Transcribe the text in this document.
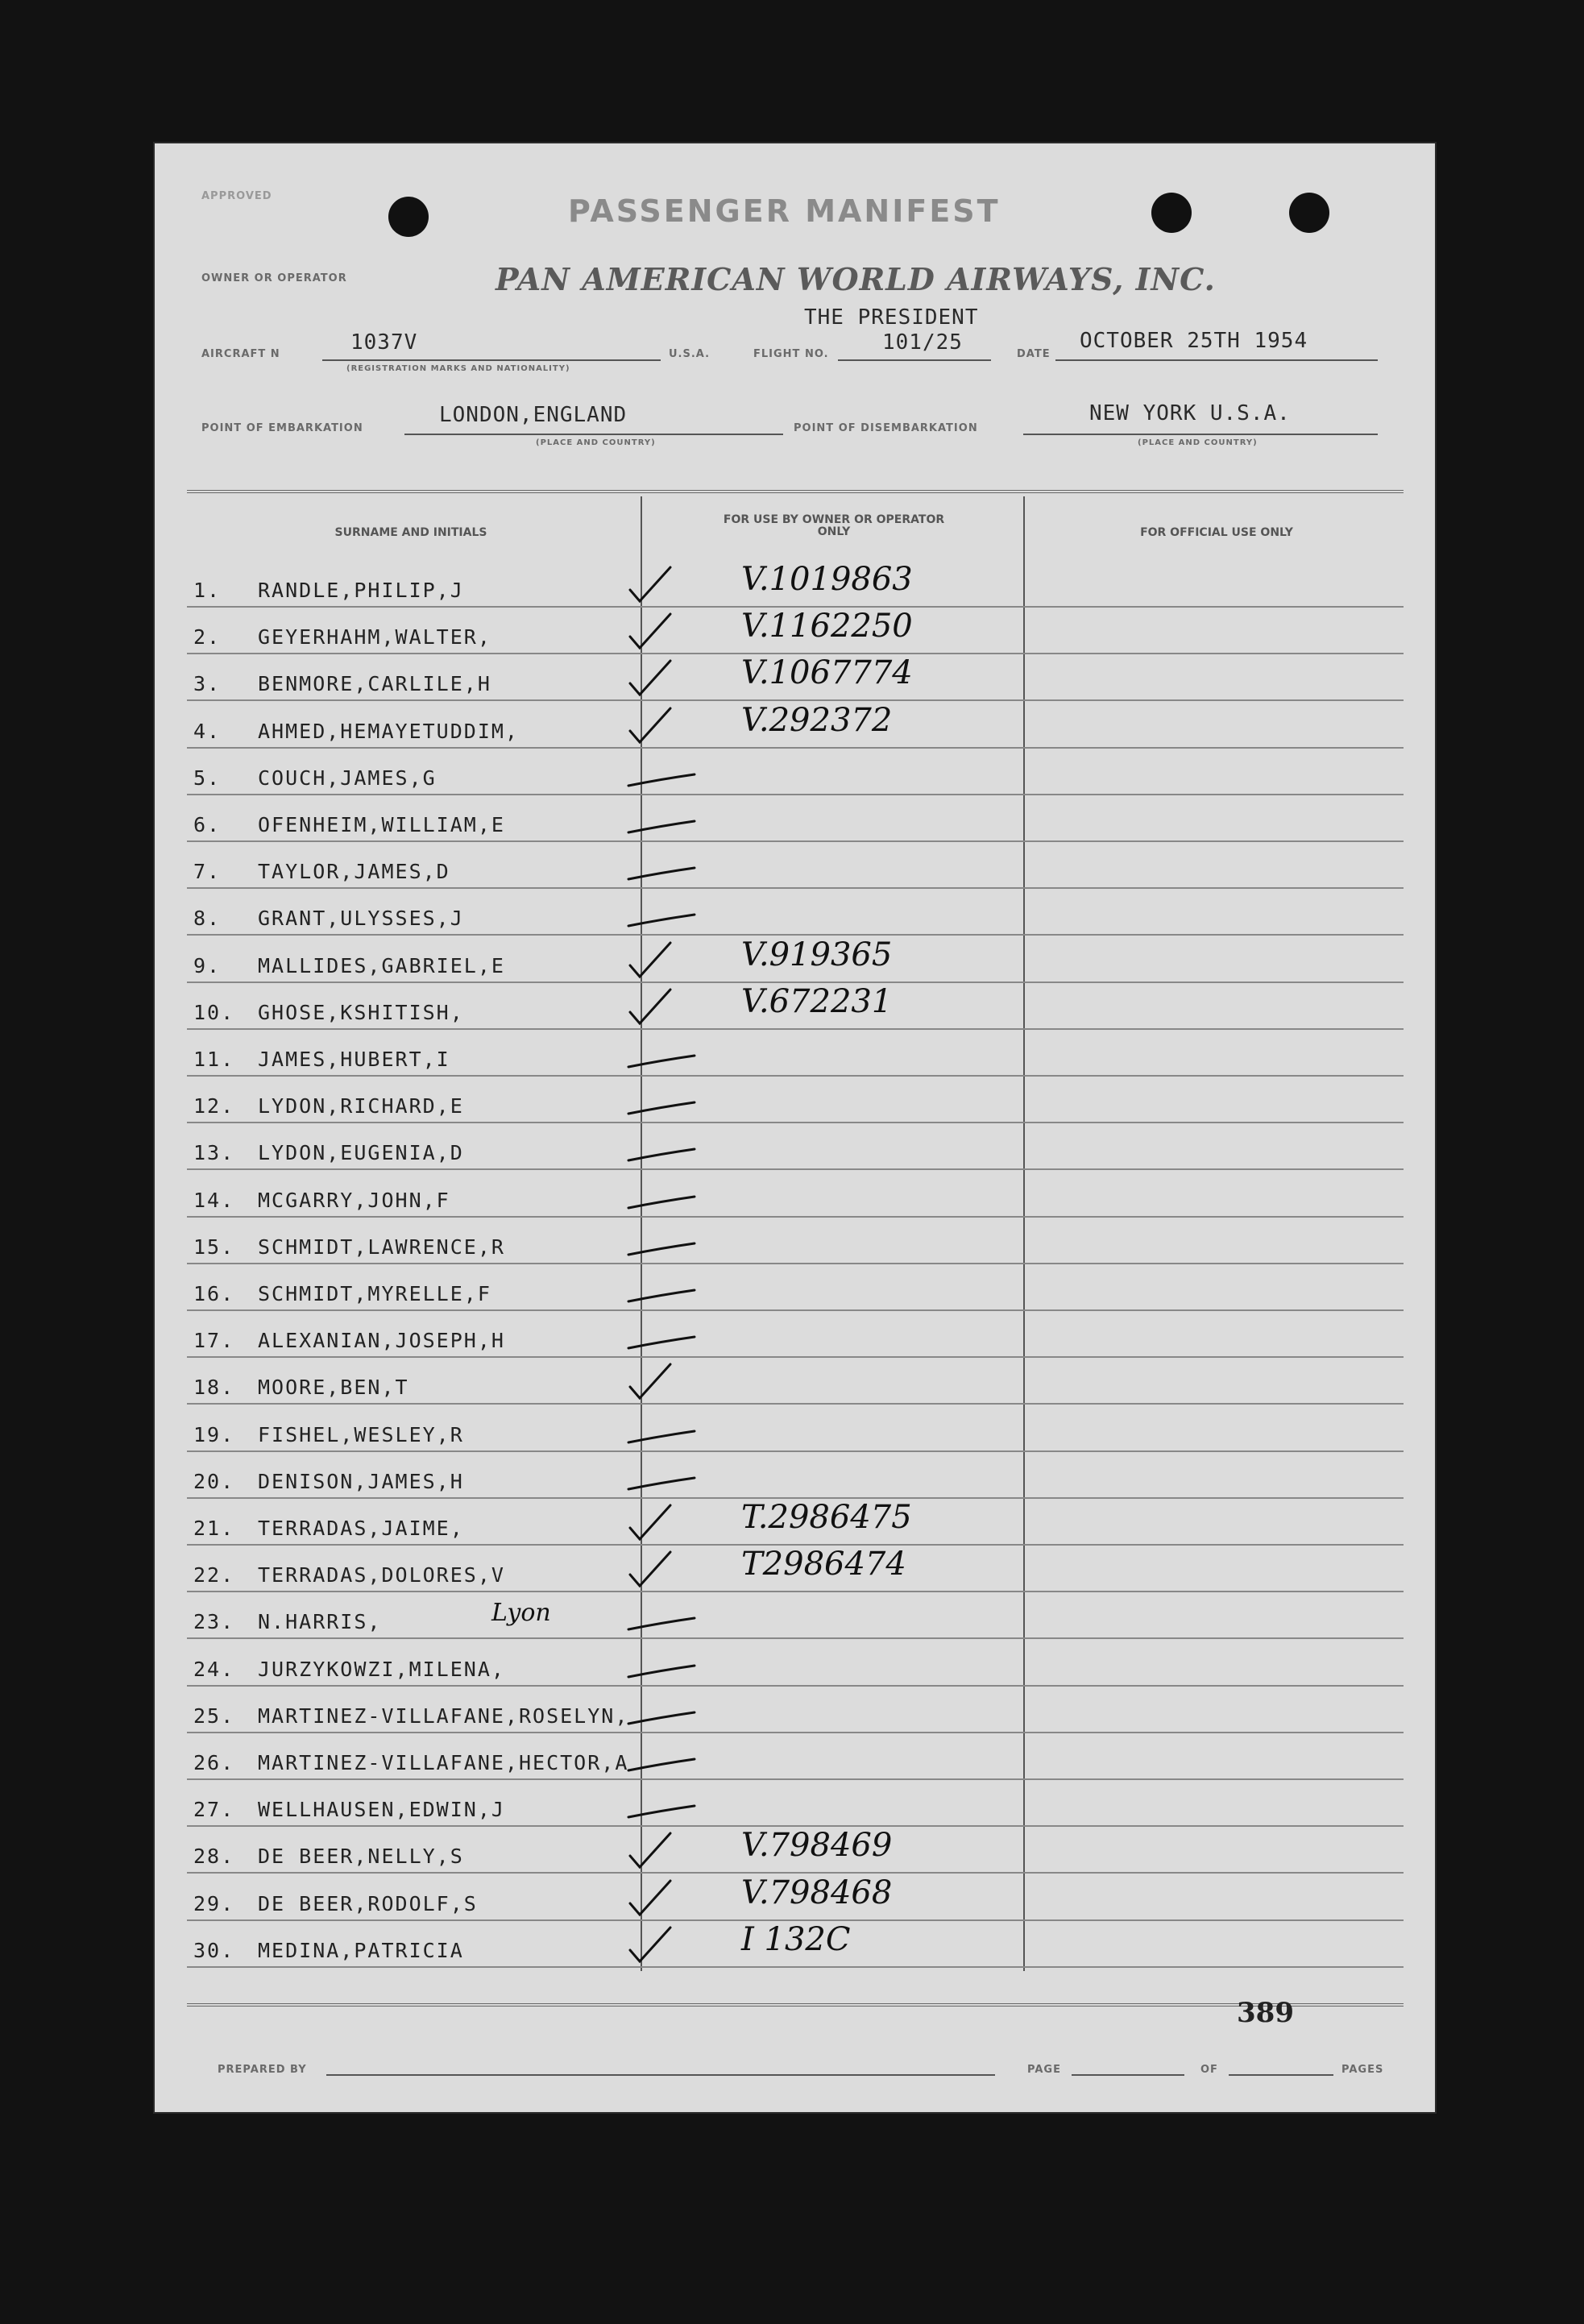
APPROVED	PASSENGER MANIFEST
OWNER OR OPERATOR	PAN AMERICAN WORLD AIRWAYS, INC.
THE PRESIDENT
AIRCRAFT N	1037V
(REGISTRATION MARKS AND NATIONALITY)
U.S.A.	FLIGHT NO.	101/25	DATE
OCTOBER 25TH 1954
POINT OF EMBARKATION
LONDON,ENGLAND
(PLACE AND COUNTRY)
POINT OF DISEMBARKATION
NEW YORK U.S.A.
(PLACE AND COUNTRY)
SURNAME AND INITIALS
FOR USE BY OWNER OR OPERATOR ONLY	FOR OFFICIAL USE ONLY
1. RANDLE,PHILIP,J	V.1019863
2. GEYERHAHM,WALTER,	V.1162250
3. BENMORE,CARLILE,H	V.1067774
4. AHMED,HEMAYETUDDIM,	V.292372
5. COUCH,JAMES,G
6. OFENHEIM,WILLIAM,E
7. TAYLOR,JAMES,D
8. GRANT,ULYSSES,J
9. MALLIDES,GABRIEL,E	V.919365
10. GHOSE,KSHITISH,	V.672231
11. JAMES,HUBERT,I
12. LYDON,RICHARD,E
13. LYDON,EUGENIA,D
14. MCGARRY,JOHN,F
15. SCHMIDT,LAWRENCE,R
16. SCHMIDT,MYRELLE,F
17. ALEXANIAN,JOSEPH,H
18. MOORE,BEN,T
19. FISHEL,WESLEY,R
20. DENISON,JAMES,H
21. TERRADAS,JAIME,	T.2986475
22. TERRADAS,DOLORES,V	T2986474
23. N.HARRIS,	Lyon
24. JURZYKOWZI,MILENA,
25. MARTINEZ-VILLAFANE,ROSELYN,
26. MARTINEZ-VILLAFANE,HECTOR,A
27. WELLHAUSEN,EDWIN,J
28. DE BEER,NELLY,S	V.798469
29. DE BEER,RODOLF,S	V.798468
30. MEDINA,PATRICIA	I 132C
389
PREPARED BY	PAGE	OF	PAGES
